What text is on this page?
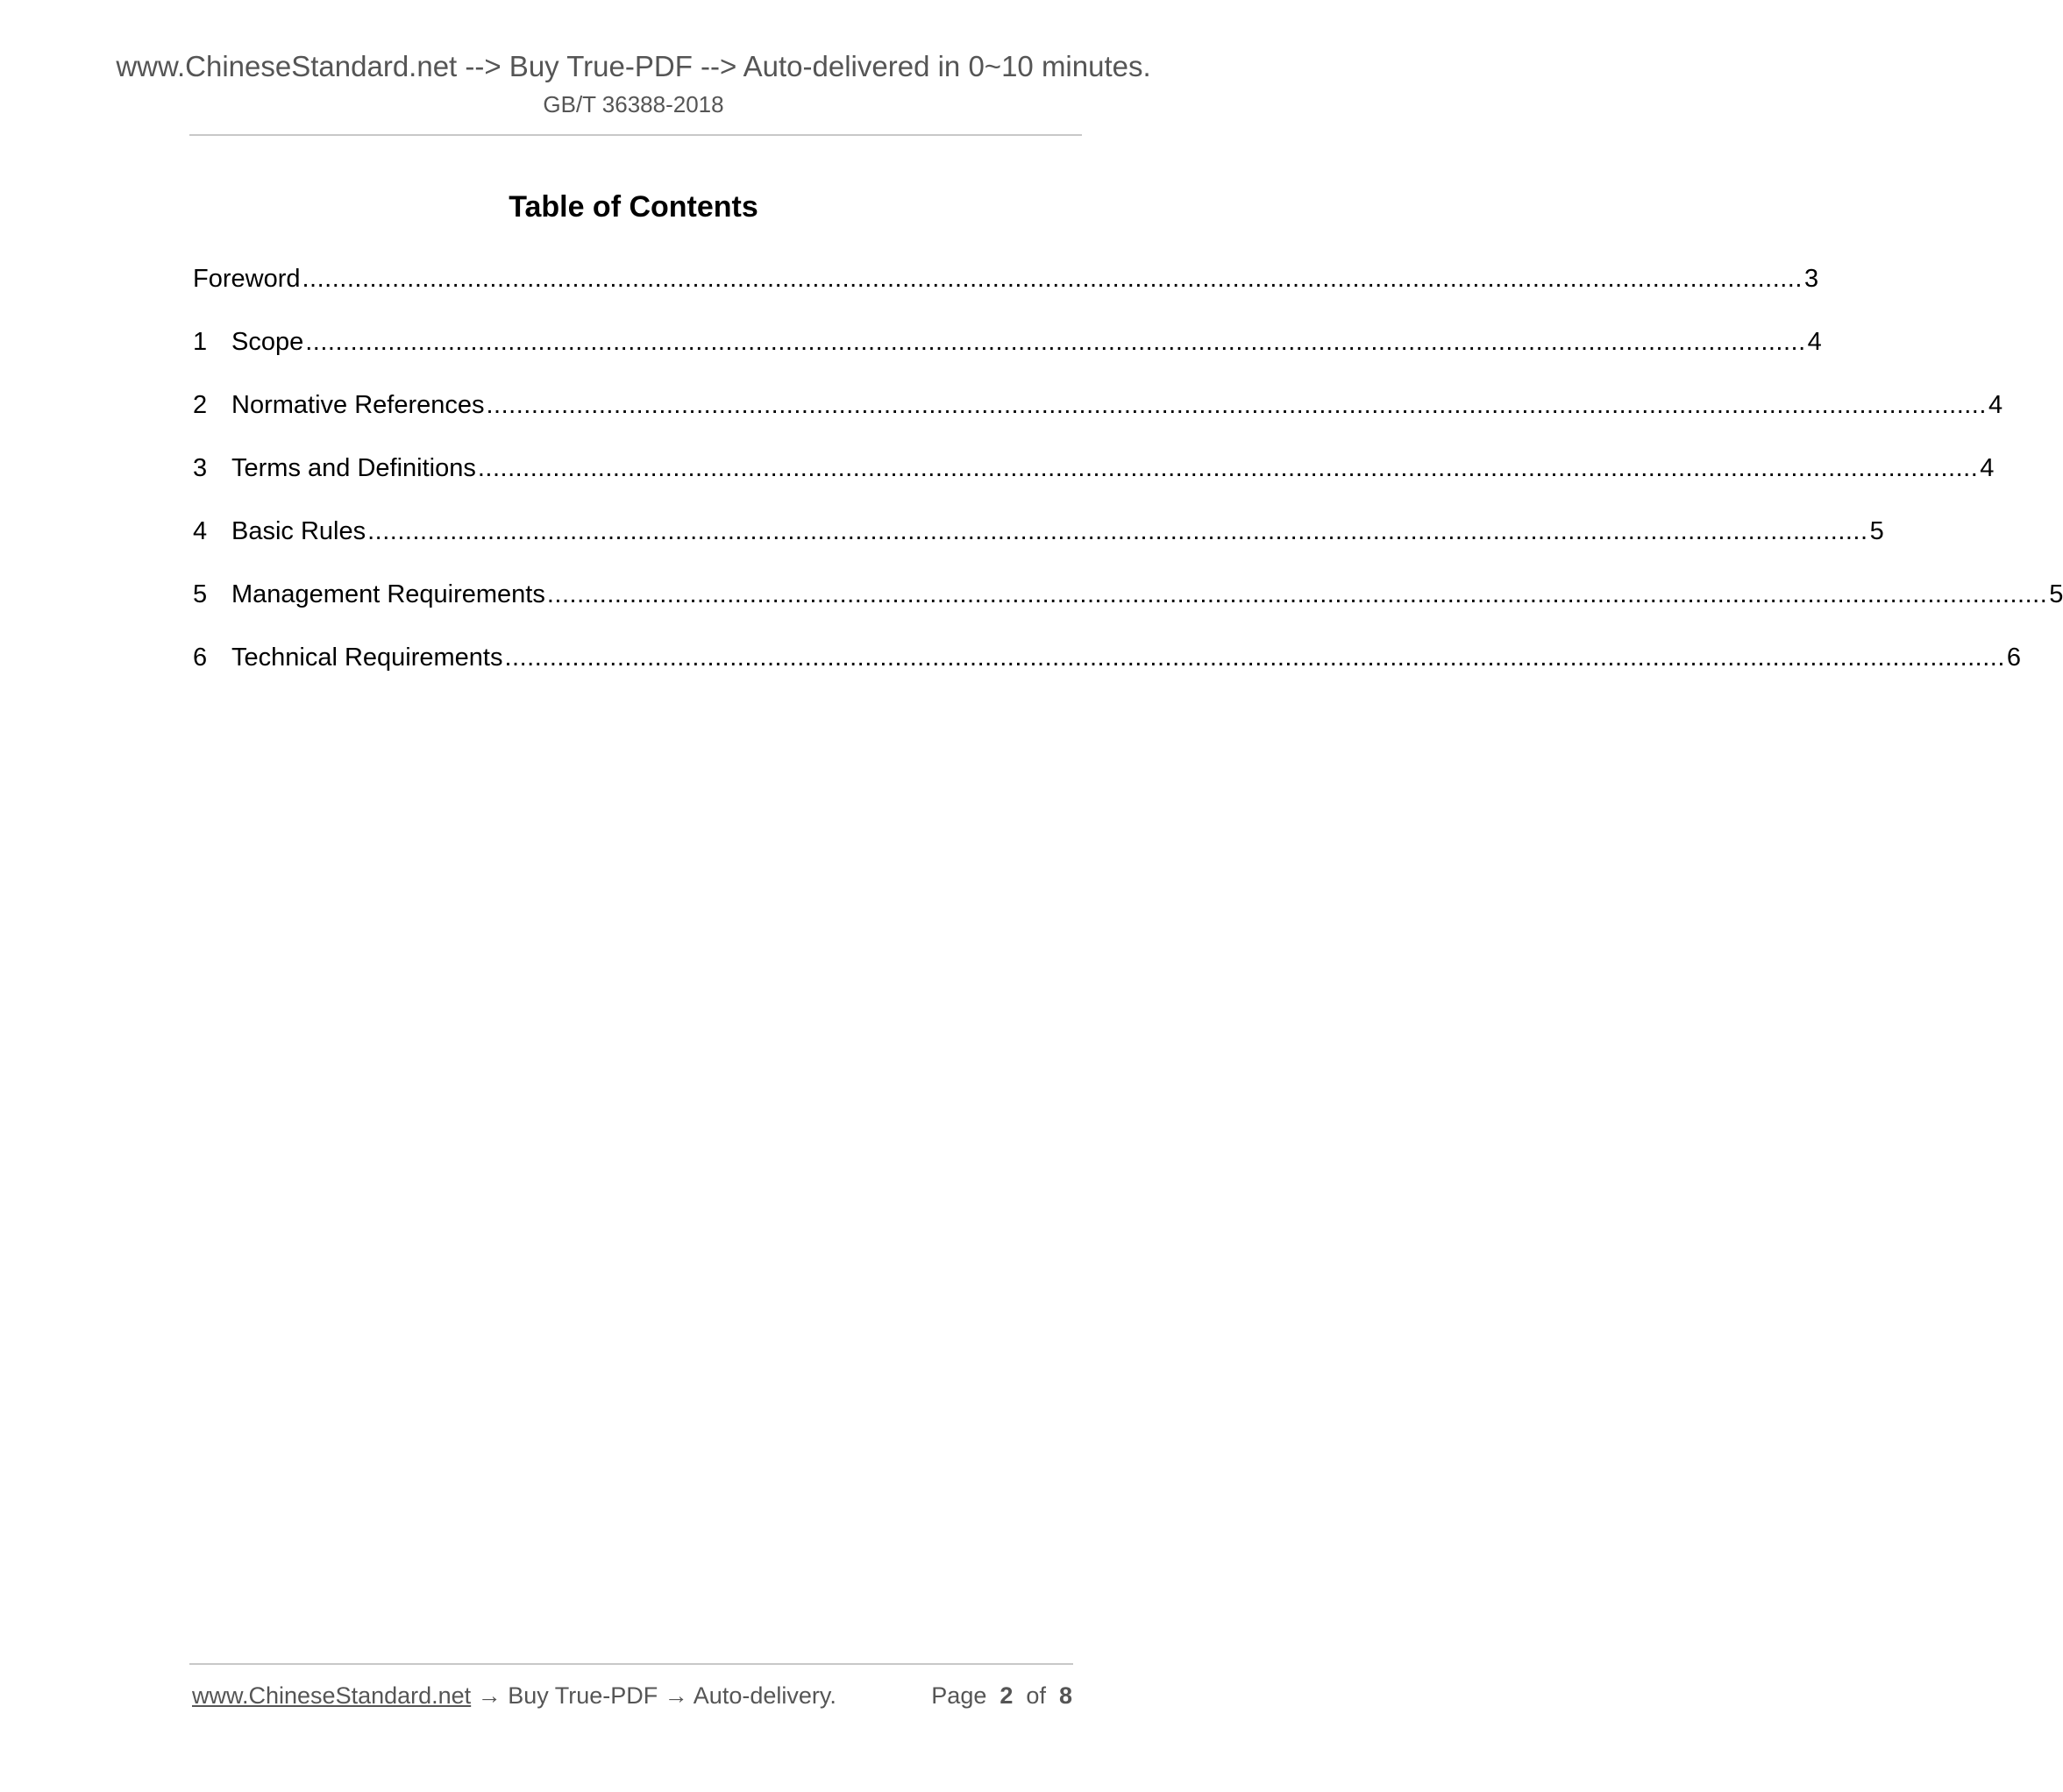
www.ChineseStandard.net --> Buy True-PDF --> Auto-delivered in 0~10 minutes.
GB/T 36388-2018
Table of Contents
Foreword ........................................................................................................................................................................................................ 3
1 Scope ........................................................................................................................................................................................................ 4
2 Normative References ........................................................................................................................................................................................................ 4
3 Terms and Definitions ........................................................................................................................................................................................................ 4
4 Basic Rules ........................................................................................................................................................................................................ 5
5 Management Requirements ........................................................................................................................................................................................................ 5
6 Technical Requirements ........................................................................................................................................................................................................ 6
www.ChineseStandard.net → Buy True-PDF → Auto-delivery.	Page 2 of 8
